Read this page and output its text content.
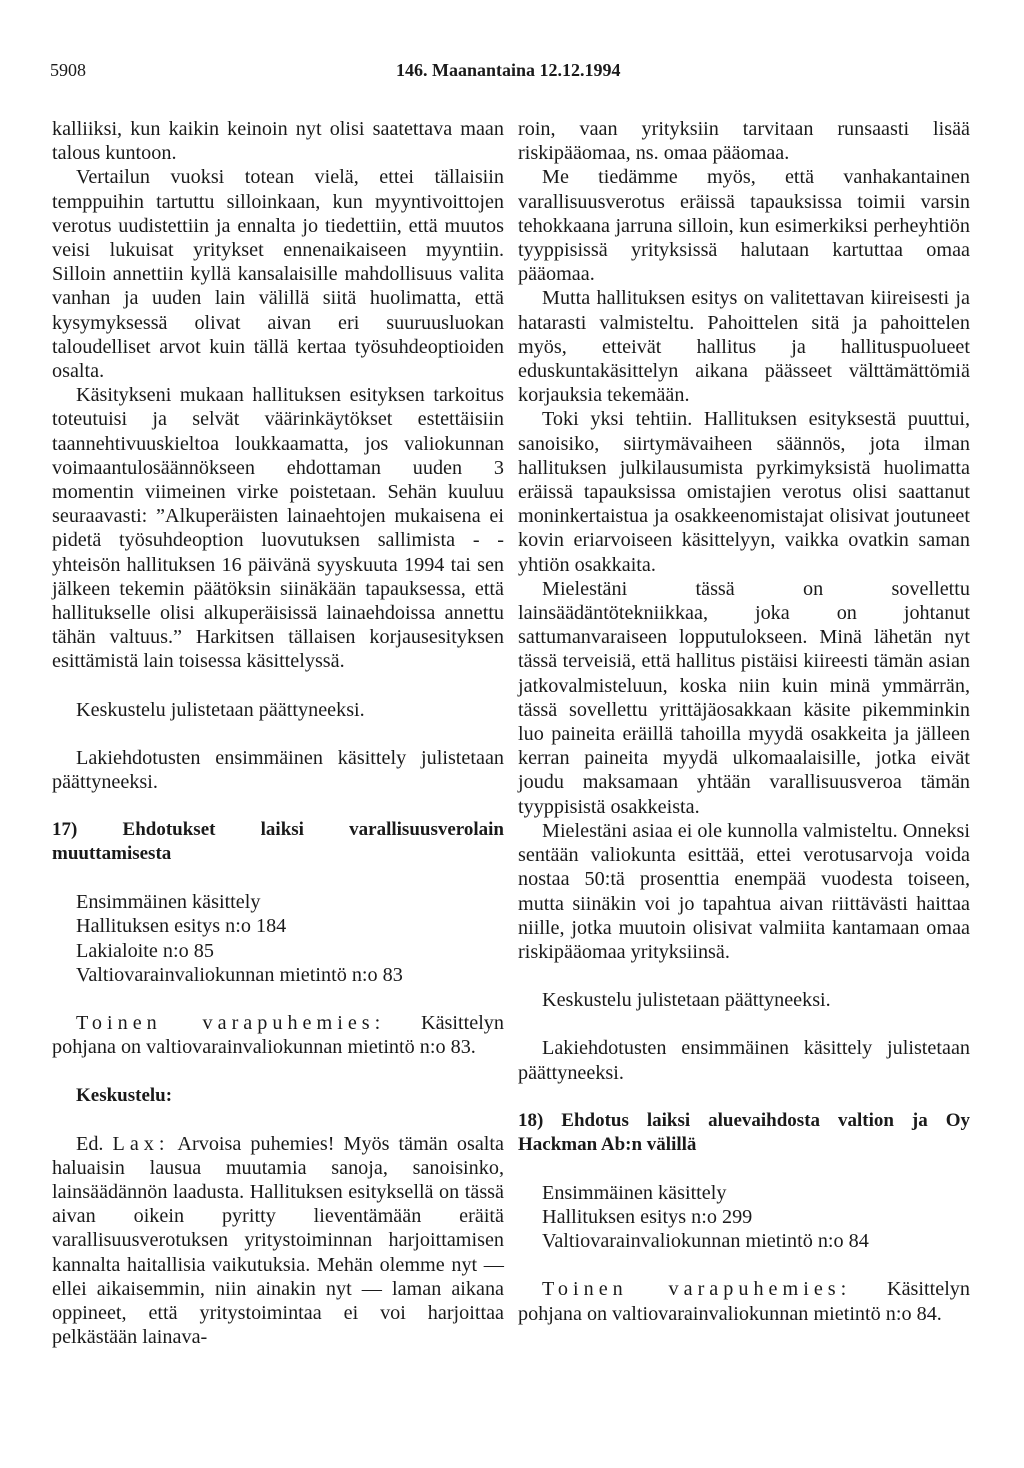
5908	146. Maanantaina 12.12.1994

kalliiksi, kun kaikin keinoin nyt olisi saatettava maan talous kuntoon.

Vertailun vuoksi totean vielä, ettei tällaisiin temppuihin tartuttu silloinkaan, kun myyntivoittojen verotus uudistettiin ja ennalta jo tiedettiin, että muutos veisi lukuisat yritykset ennenaikaiseen myyntiin. Silloin annettiin kyllä kansalaisille mahdollisuus valita vanhan ja uuden lain välillä siitä huolimatta, että kysymyksessä olivat aivan eri suuruusluokan taloudelliset arvot kuin tällä kertaa työsuhdeoptioiden osalta.

Käsitykseni mukaan hallituksen esityksen tarkoitus toteutuisi ja selvät väärinkäytökset estettäisiin taannehtivuuskieltoa loukkaamatta, jos valiokunnan voimaantulosäännökseen ehdottaman uuden 3 momentin viimeinen virke poistetaan. Sehän kuuluu seuraavasti: ”Alkuperäisten lainaehtojen mukaisena ei pidetä työsuhdeoption luovutuksen sallimista - - yhteisön hallituksen 16 päivänä syyskuuta 1994 tai sen jälkeen tekemin päätöksin siinäkään tapauksessa, että hallitukselle olisi alkuperäisissä lainaehdoissa annettu tähän valtuus.” Harkitsen tällaisen korjausesityksen esittämistä lain toisessa käsittelyssä.

Keskustelu julistetaan päättyneeksi.

Lakiehdotusten ensimmäinen käsittely julistetaan päättyneeksi.

17) Ehdotukset laiksi varallisuusverolain muuttamisesta

Ensimmäinen käsittely
Hallituksen esitys n:o 184
Lakialoite n:o 85
Valtiovarainvaliokunnan mietintö n:o 83

Toinen varapuhemies: Käsittelyn pohjana on valtiovarainvaliokunnan mietintö n:o 83.

Keskustelu:

Ed. Lax: Arvoisa puhemies! Myös tämän osalta haluaisin lausua muutamia sanoja, sanoisinko, lainsäädännön laadusta. Hallituksen esityksellä on tässä aivan oikein pyritty lieventämään eräitä varallisuusverotuksen yritystoiminnan harjoittamisen kannalta haitallisia vaikutuksia. Mehän olemme nyt — ellei aikaisemmin, niin ainakin nyt — laman aikana oppineet, että yritystoimintaa ei voi harjoittaa pelkästään lainava-

roin, vaan yrityksiin tarvitaan runsaasti lisää riskipääomaa, ns. omaa pääomaa.

Me tiedämme myös, että vanhakantainen varallisuusverotus eräissä tapauksissa toimii varsin tehokkaana jarruna silloin, kun esimerkiksi perheyhtiön tyyppisissä yrityksissä halutaan kartuttaa omaa pääomaa.

Mutta hallituksen esitys on valitettavan kiireisesti ja hatarasti valmisteltu. Pahoittelen sitä ja pahoittelen myös, etteivät hallitus ja hallituspuolueet eduskuntakäsittelyn aikana päässeet välttämättömiä korjauksia tekemään.

Toki yksi tehtiin. Hallituksen esityksestä puuttui, sanoisiko, siirtymävaiheen säännös, jota ilman hallituksen julkilausumista pyrkimyksistä huolimatta eräissä tapauksissa omistajien verotus olisi saattanut moninkertaistua ja osakkeenomistajat olisivat joutuneet kovin eriarvoiseen käsittelyyn, vaikka ovatkin saman yhtiön osakkaita.

Mielestäni tässä on sovellettu lainsäädäntötekniikkaa, joka on johtanut sattumanvaraiseen lopputulokseen. Minä lähetän nyt tässä terveisiä, että hallitus pistäisi kiireesti tämän asian jatkovalmisteluun, koska niin kuin minä ymmärrän, tässä sovellettu yrittäjäosakkaan käsite pikemminkin luo paineita eräillä tahoilla myydä osakkeita ja jälleen kerran paineita myydä ulkomaalaisille, jotka eivät joudu maksamaan yhtään varallisuusveroa tämän tyyppisistä osakkeista.

Mielestäni asiaa ei ole kunnolla valmisteltu. Onneksi sentään valiokunta esittää, ettei verotusarvoja voida nostaa 50:tä prosenttia enempää vuodesta toiseen, mutta siinäkin voi jo tapahtua aivan riittävästi haittaa niille, jotka muutoin olisivat valmiita kantamaan omaa riskipääomaa yrityksiinsä.

Keskustelu julistetaan päättyneeksi.

Lakiehdotusten ensimmäinen käsittely julistetaan päättyneeksi.

18) Ehdotus laiksi aluevaihdosta valtion ja Oy Hackman Ab:n välillä

Ensimmäinen käsittely
Hallituksen esitys n:o 299
Valtiovarainvaliokunnan mietintö n:o 84

Toinen varapuhemies: Käsittelyn pohjana on valtiovarainvaliokunnan mietintö n:o 84.
